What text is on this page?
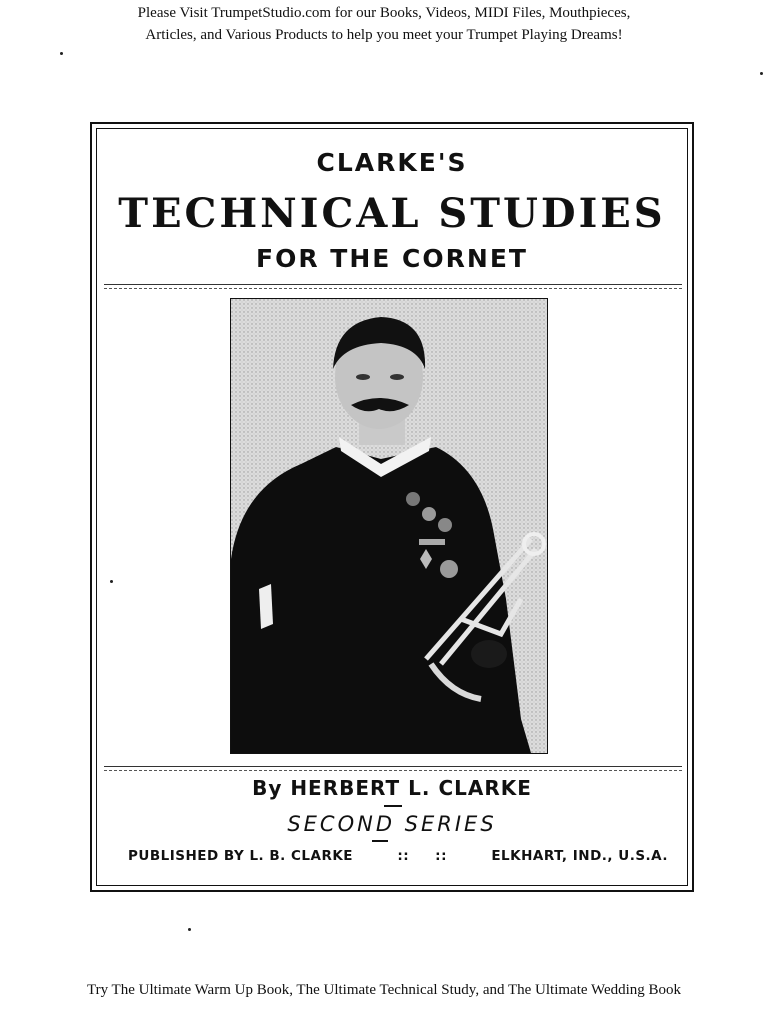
Please Visit TrumpetStudio.com for our Books, Videos, MIDI Files, Mouthpieces,
Articles, and Various Products to help you meet your Trumpet Playing Dreams!
CLARKE'S
TECHNICAL STUDIES
FOR THE CORNET
By HERBERT L. CLARKE
SECOND SERIES
PUBLISHED BY L. B. CLARKE	::     ::	ELKHART, IND., U.S.A.
Try The Ultimate Warm Up Book, The Ultimate Technical Study, and The Ultimate Wedding Book
